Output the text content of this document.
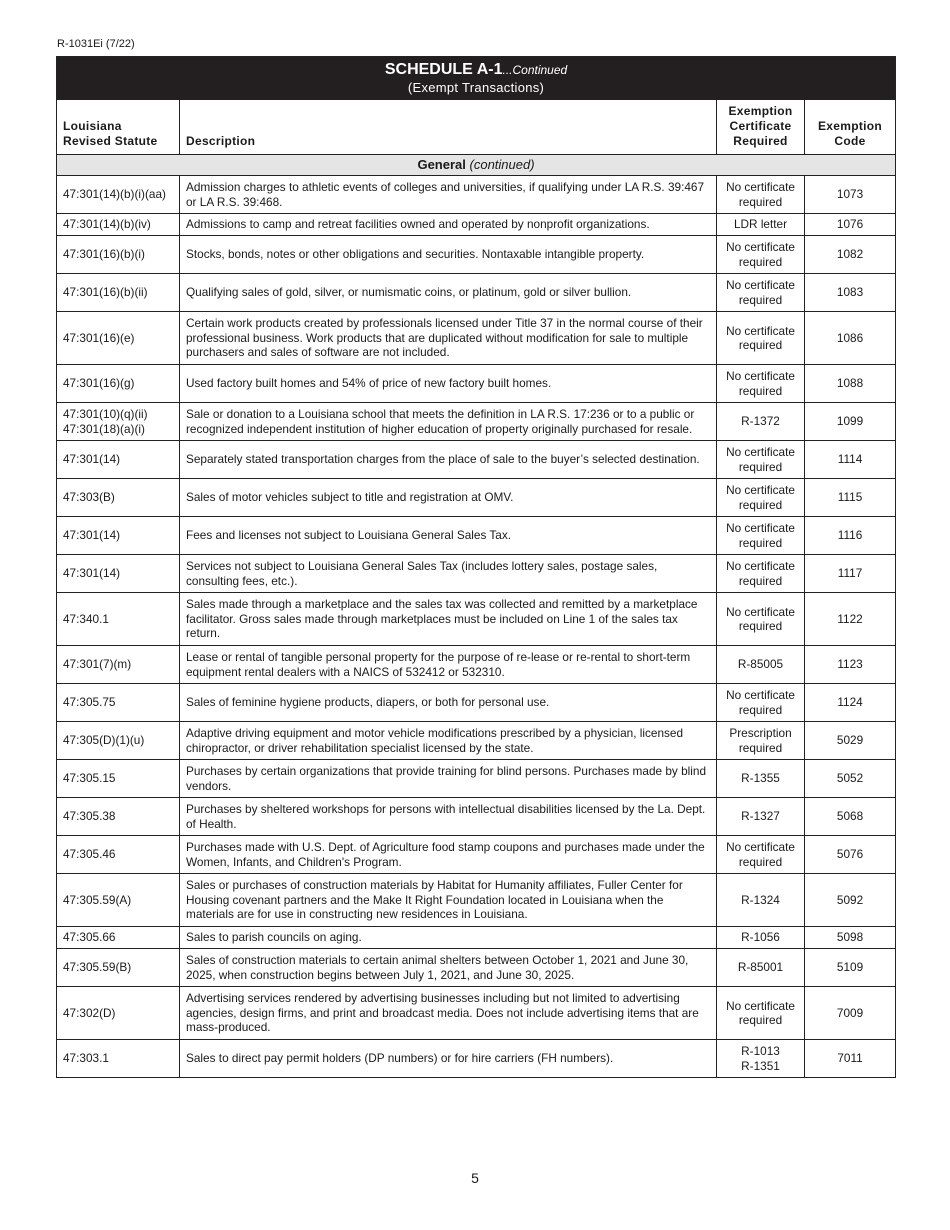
R-1031Ei (7/22)
SCHEDULE A-1...Continued
(Exempt Transactions)			

Louisiana Revised Statute	Description	Exemption Certificate Required	Exemption Code
General (continued)			

47:301(14)(b)(i)(aa)	Admission charges to athletic events of colleges and universities, if qualifying under LA R.S. 39:467 or LA R.S. 39:468.	No certificate
required	1073

47:301(14)(b)(iv)	Admissions to camp and retreat facilities owned and operated by nonprofit organizations.	LDR letter	1076

47:301(16)(b)(i)	Stocks, bonds, notes or other obligations and securities. Nontaxable intangible property.	No certificate
required	1082

47:301(16)(b)(ii)	Qualifying sales of gold, silver, or numismatic coins, or platinum, gold or silver bullion.	No certificate
required	1083

47:301(16)(e)	Certain work products created by professionals licensed under Title 37 in the normal course of their professional business. Work products that are duplicated without modification for sale to multiple purchasers and sales of software are not included.	No certificate
required	1086

47:301(16)(g)	Used factory built homes and 54% of price of new factory built homes.	No certificate
required	1088

47:301(10)(q)(ii)
47:301(18)(a)(i)	Sale or donation to a Louisiana school that meets the definition in LA R.S. 17:236 or to a public or recognized independent institution of higher education of property originally purchased for resale.	R-1372	1099

47:301(14)	Separately stated transportation charges from the place of sale to the buyer’s selected destination.	No certificate
required	1114

47:303(B)	Sales of motor vehicles subject to title and registration at OMV.	No certificate
required	1115

47:301(14)	Fees and licenses not subject to Louisiana General Sales Tax.	No certificate
required	1116

47:301(14)	Services not subject to Louisiana General Sales Tax (includes lottery sales, postage sales, consulting fees, etc.).	No certificate
required	1117

47:340.1	Sales made through a marketplace and the sales tax was collected and remitted by a marketplace facilitator. Gross sales made through marketplaces must be included on Line 1 of the sales tax return.	No certificate
required	1122

47:301(7)(m)	Lease or rental of tangible personal property for the purpose of re-lease or re-rental to short-term equipment rental dealers with a NAICS of 532412 or 532310.	R-85005	1123

47:305.75	Sales of feminine hygiene products, diapers, or both for personal use.	No certificate
required	1124

47:305(D)(1)(u)	Adaptive driving equipment and motor vehicle modifications prescribed by a physician, licensed chiropractor, or driver rehabilitation specialist licensed by the state.	Prescription
required	5029

47:305.15	Purchases by certain organizations that provide training for blind persons. Purchases made by blind vendors.	R-1355	5052

47:305.38	Purchases by sheltered workshops for persons with intellectual disabilities licensed by the La. Dept. of Health.	R-1327	5068

47:305.46	Purchases made with U.S. Dept. of Agriculture food stamp coupons and purchases made under the Women, Infants, and Children's Program.	No certificate
required	5076

47:305.59(A)	Sales or purchases of construction materials by Habitat for Humanity affiliates, Fuller Center for Housing covenant partners and the Make It Right Foundation located in Louisiana when the materials are for use in constructing new residences in Louisiana.	R-1324	5092

47:305.66	Sales to parish councils on aging.	R-1056	5098

47:305.59(B)	Sales of construction materials to certain animal shelters between October 1, 2021 and June 30, 2025, when construction begins between July 1, 2021, and June 30, 2025.	R-85001	5109

47:302(D)	Advertising services rendered by advertising businesses including but not limited to advertising agencies, design firms, and print and broadcast media. Does not include advertising items that are mass-produced.	No certificate
required	7009

47:303.1	Sales to direct pay permit holders (DP numbers) or for hire carriers (FH numbers).	R-1013
R-1351	7011
5
